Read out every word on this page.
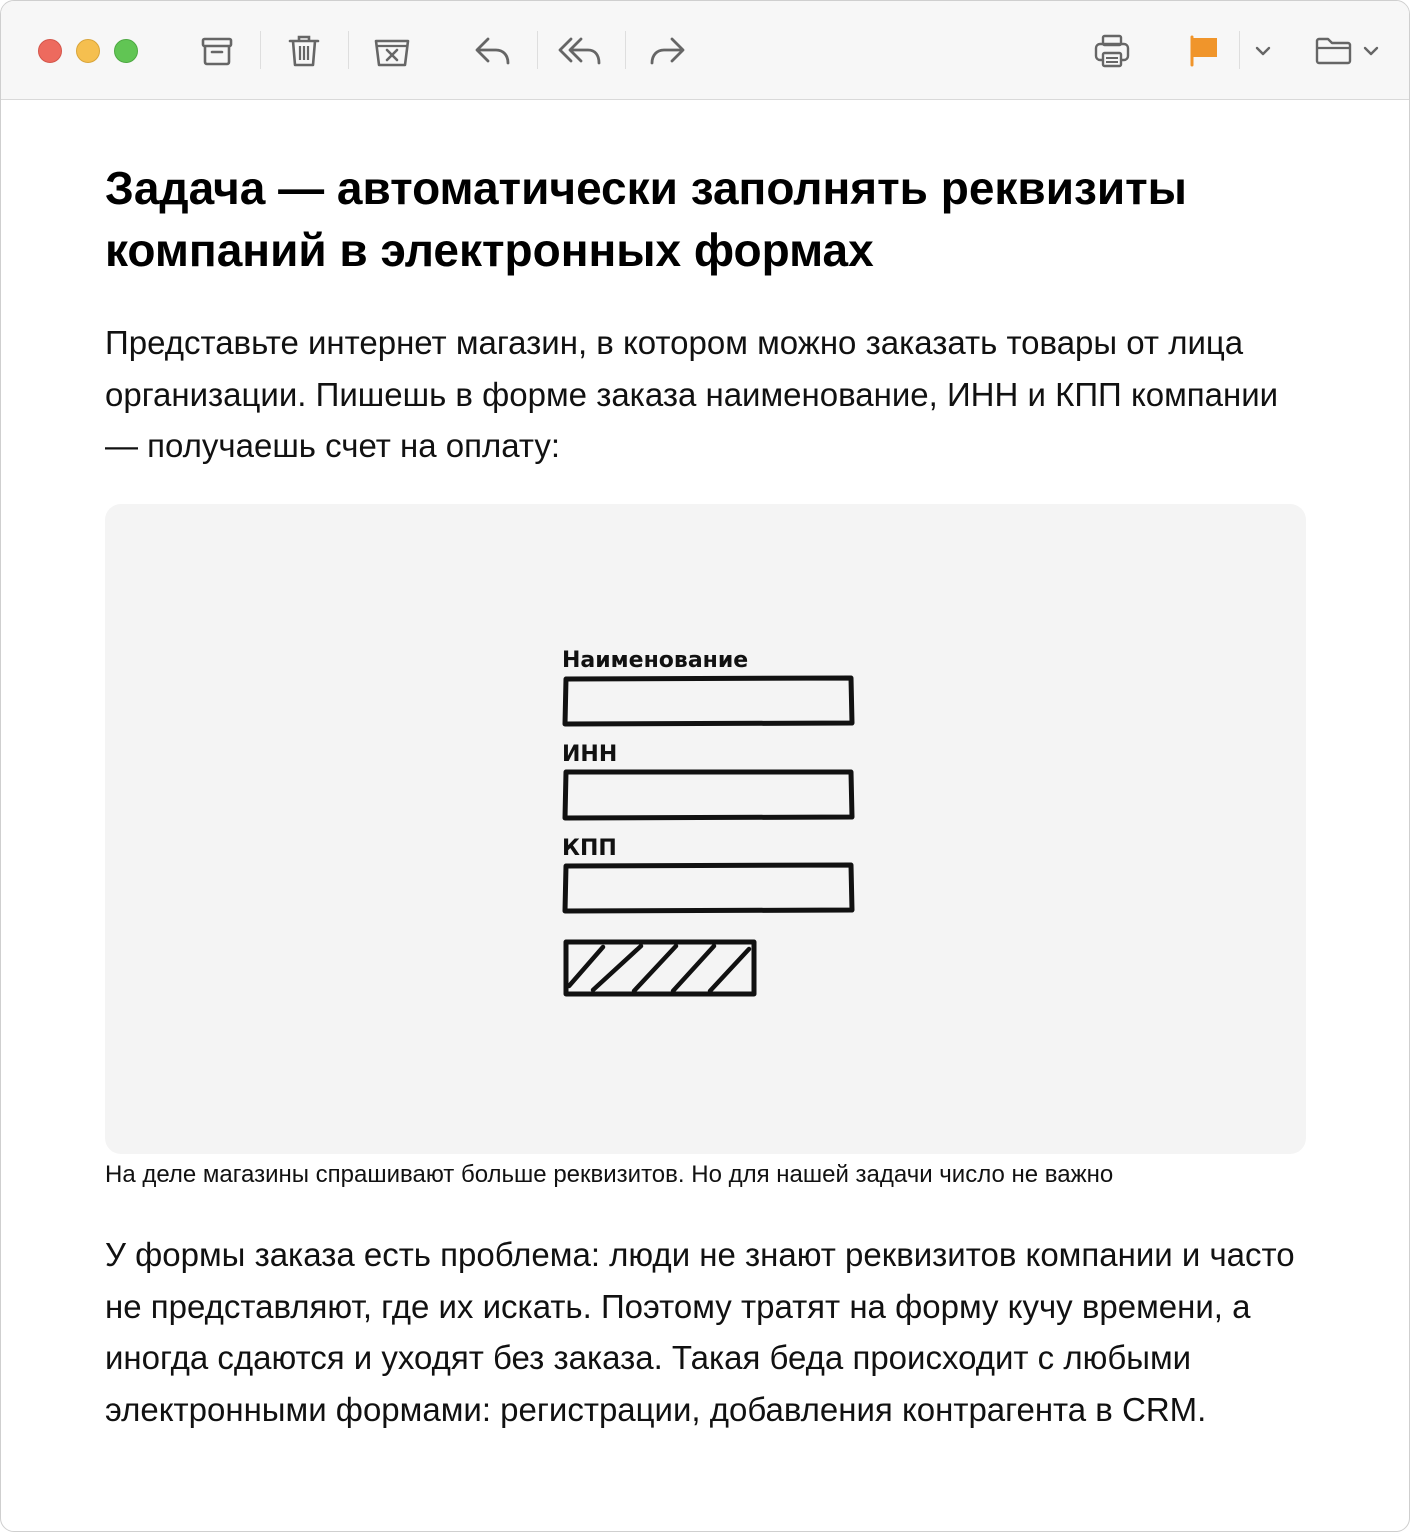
Задача — автоматически заполнять реквизиты компаний в электронных формах

Представьте интернет магазин, в котором можно заказать товары от лица организации. Пишешь в форме заказа наименование, ИНН и КПП компании — получаешь счет на оплату:

Наименование
ИНН
КПП

На деле магазины спрашивают больше реквизитов. Но для нашей задачи число не важно

У формы заказа есть проблема: люди не знают реквизитов компании и часто не представляют, где их искать. Поэтому тратят на форму кучу времени, а иногда сдаются и уходят без заказа. Такая беда происходит с любыми электронными формами: регистрации, добавления контрагента в CRM.
